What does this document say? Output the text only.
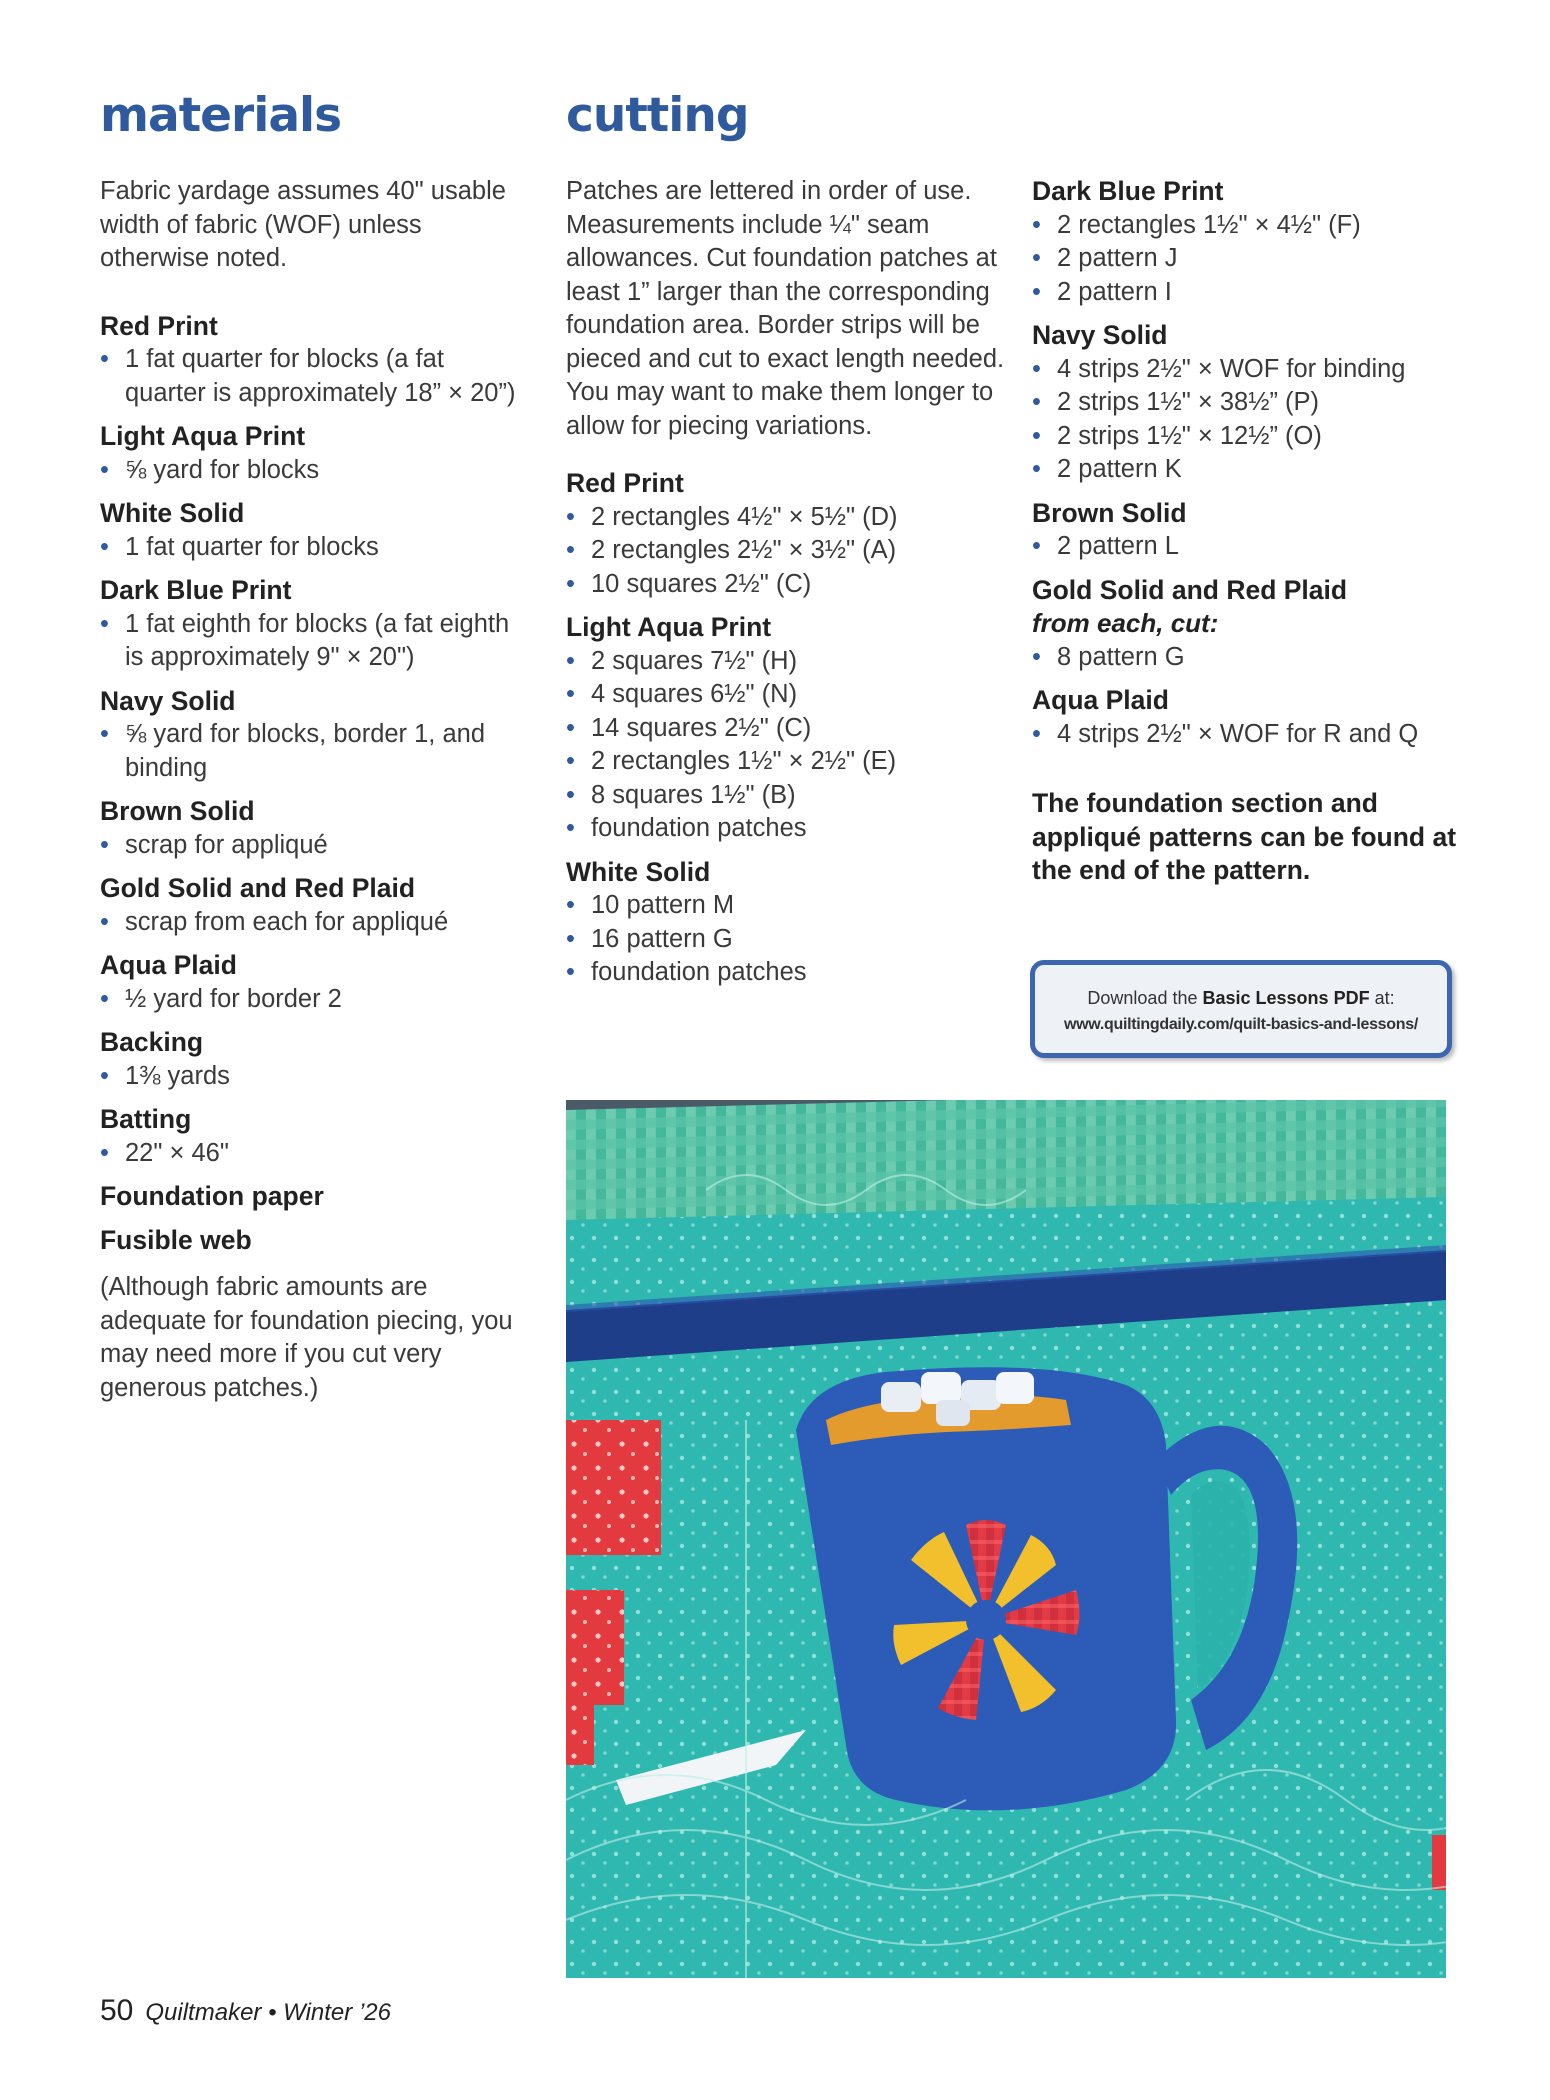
materials

Fabric yardage assumes 40" usable width of fabric (WOF) unless otherwise noted.

Red Print

• 1 fat quarter for blocks (a fat quarter is approximately 18” × 20”)

Light Aqua Print

• ⅝ yard for blocks

White Solid

• 1 fat quarter for blocks

Dark Blue Print

• 1 fat eighth for blocks (a fat eighth is approximately 9" × 20")

Navy Solid

• ⅝ yard for blocks, border 1, and binding

Brown Solid

• scrap for appliqué

Gold Solid and Red Plaid

• scrap from each for appliqué

Aqua Plaid

• ½ yard for border 2

Backing

• 1⅜ yards

Batting

• 22" × 46"

Foundation paper

Fusible web

(Although fabric amounts are adequate for foundation piecing, you may need more if you cut very generous patches.)

cutting

Patches are lettered in order of use. Measurements include ¼" seam allowances. Cut foundation patches at least 1” larger than the corresponding foundation area. Border strips will be pieced and cut to exact length needed. You may want to make them longer to allow for piecing variations.

Red Print

• 2 rectangles 4½" × 5½" (D)
• 2 rectangles 2½" × 3½" (A)
• 10 squares 2½" (C)

Light Aqua Print

• 2 squares 7½" (H)
• 4 squares 6½" (N)
• 14 squares 2½" (C)
• 2 rectangles 1½" × 2½" (E)
• 8 squares 1½" (B)
• foundation patches

White Solid

• 10 pattern M
• 16 pattern G
• foundation patches

Dark Blue Print

• 2 rectangles 1½" × 4½" (F)
• 2 pattern J
• 2 pattern I

Navy Solid

• 4 strips 2½" × WOF for binding
• 2 strips 1½" × 38½” (P)
• 2 strips 1½" × 12½” (O)
• 2 pattern K

Brown Solid

• 2 pattern L

Gold Solid and Red Plaid

from each, cut:
• 8 pattern G

Aqua Plaid

• 4 strips 2½" × WOF for R and Q

The foundation section and appliqué patterns can be found at the end of the pattern.

Download the Basic Lessons PDF at:
www.quiltingdaily.com/quilt-basics-and-lessons/
50 Quiltmaker • Winter ’26
